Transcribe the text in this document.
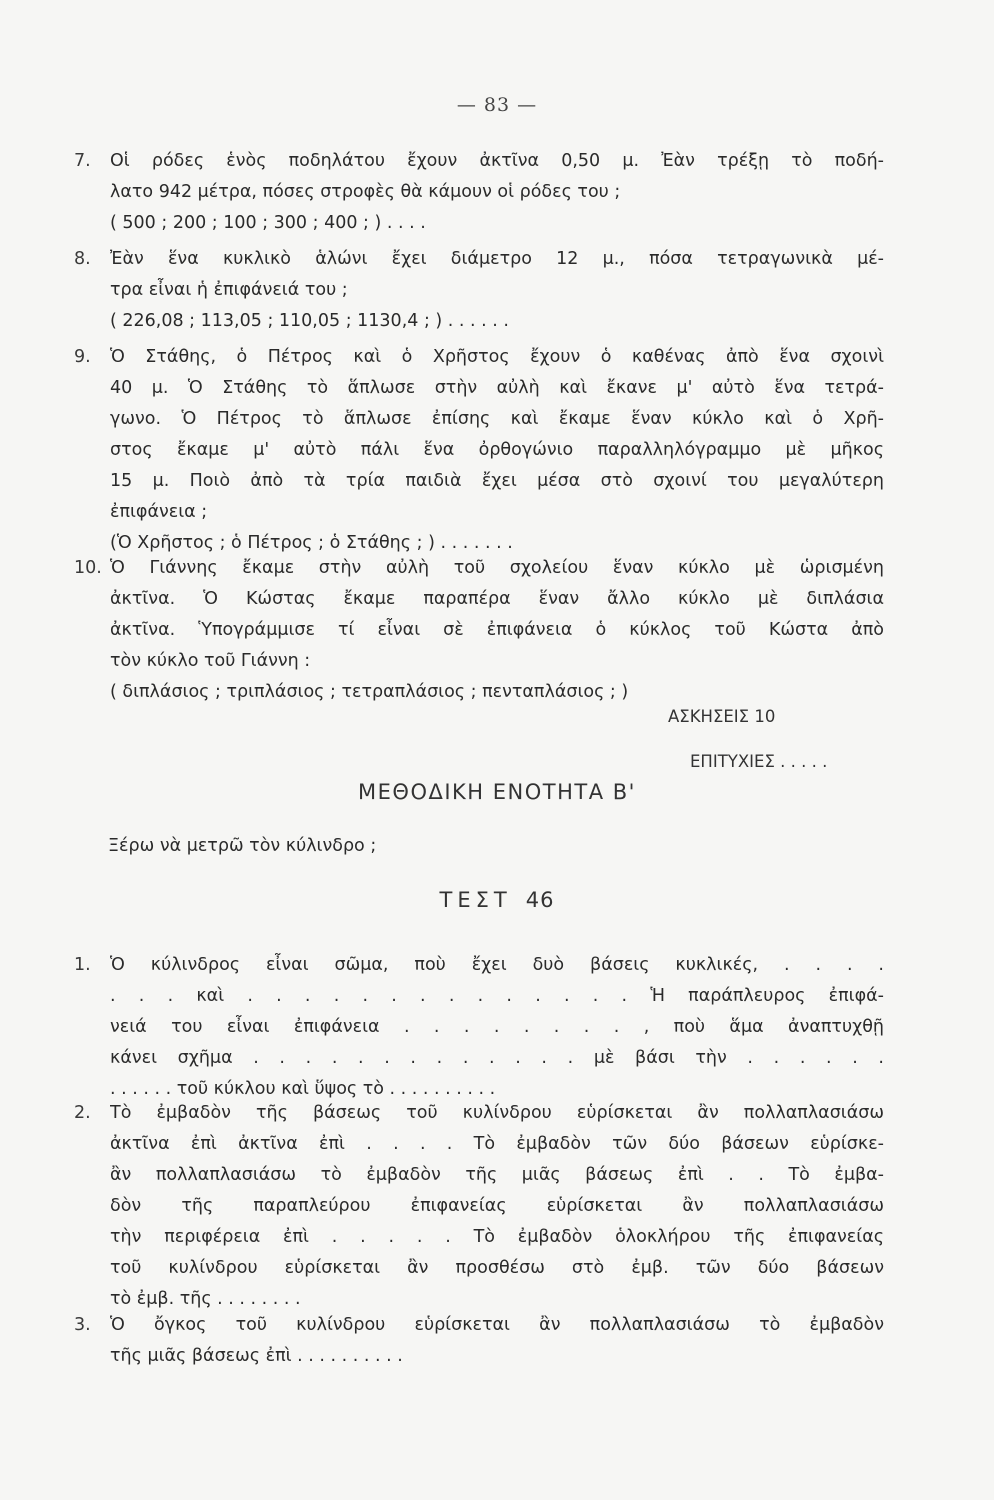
— 83 —
7.	Οἱ ρόδες ἑνὸς ποδηλάτου ἔχουν ἀκτῖνα 0,50 μ. Ἐὰν τρέξῃ τὸ ποδή-
λατο 942 μέτρα, πόσες στροφὲς θὰ κάμουν οἱ ρόδες του ;
( 500 ; 200 ; 100 ; 300 ; 400 ; ) . . . .
8.	Ἐὰν ἕνα κυκλικὸ ἁλώνι ἔχει διάμετρο 12 μ., πόσα τετραγωνικὰ μέ-
τρα εἶναι ἡ ἐπιφάνειά του ;
( 226,08 ; 113,05 ; 110,05 ; 1130,4 ; ) . . . . . .
9.	Ὁ Στάθης, ὁ Πέτρος καὶ ὁ Χρῆστος ἔχουν ὁ καθένας ἀπὸ ἕνα σχοινὶ
40 μ. Ὁ Στάθης τὸ ἅπλωσε στὴν αὐλὴ καὶ ἔκανε μ' αὐτὸ ἕνα τετρά-
γωνο. Ὁ Πέτρος τὸ ἅπλωσε ἐπίσης καὶ ἔκαμε ἕναν κύκλο καὶ ὁ Χρῆ-
στος ἔκαμε μ' αὐτὸ πάλι ἕνα ὀρθογώνιο παραλληλόγραμμο μὲ μῆκος
15 μ. Ποιὸ ἀπὸ τὰ τρία παιδιὰ ἔχει μέσα στὸ σχοινί του μεγαλύτερη
ἐπιφάνεια ;
(Ὁ Χρῆστος ; ὁ Πέτρος ; ὁ Στάθης ; ) . . . . . . .
10. Ὁ Γιάννης ἔκαμε στὴν αὐλὴ τοῦ σχολείου ἕναν κύκλο μὲ ὡρισμένη
ἀκτῖνα. Ὁ Κώστας ἔκαμε παραπέρα ἕναν ἄλλο κύκλο μὲ διπλάσια
ἀκτῖνα. Ὑπογράμμισε τί εἶναι σὲ ἐπιφάνεια ὁ κύκλος τοῦ Κώστα ἀπὸ
τὸν κύκλο τοῦ Γιάννη :
( διπλάσιος ; τριπλάσιος ; τετραπλάσιος ; πενταπλάσιος ; )
ΑΣΚΗΣΕΙΣ 10
ΕΠΙΤΥΧΙΕΣ . . . . .
ΜΕΘΟΔΙΚΗ ΕΝΟΤΗΤΑ Β'
Ξέρω νὰ μετρῶ τὸν κύλινδρο ;
ΤΕΣΤ 46
1.	Ὁ κύλινδρος εἶναι σῶμα, ποὺ ἔχει δυὸ βάσεις κυκλικές, . . . .
. . . καὶ . . . . . . . . . . . . . . Ἡ παράπλευρος ἐπιφά-
νειά του εἶναι ἐπιφάνεια . . . . . . . . , ποὺ ἅμα ἀναπτυχθῇ
κάνει σχῆμα . . . . . . . . . . . . . μὲ βάσι τὴν . . . . . .
. . . . . . τοῦ κύκλου καὶ ὕψος τὸ . . . . . . . . . .
2.	Τὸ ἐμβαδὸν τῆς βάσεως τοῦ κυλίνδρου εὑρίσκεται ἂν πολλαπλασιάσω
ἀκτῖνα ἐπὶ ἀκτῖνα ἐπὶ . . . . Τὸ ἐμβαδὸν τῶν δύο βάσεων εὑρίσκε-
ἂν πολλαπλασιάσω τὸ ἐμβαδὸν τῆς μιᾶς βάσεως ἐπὶ . . Τὸ ἐμβα-
δὸν τῆς παραπλεύρου ἐπιφανείας εὑρίσκεται ἂν πολλαπλασιάσω
τὴν περιφέρεια ἐπὶ . . . . . Τὸ ἐμβαδὸν ὁλοκλήρου τῆς ἐπιφανείας
τοῦ κυλίνδρου εὑρίσκεται ἂν προσθέσω στὸ ἐμβ. τῶν δύο βάσεων
τὸ ἐμβ. τῆς . . . . . . . .
3.	Ὁ ὄγκος τοῦ κυλίνδρου εὑρίσκεται ἂν πολλαπλασιάσω τὸ ἐμβαδὸν
τῆς μιᾶς βάσεως ἐπὶ . . . . . . . . . .
